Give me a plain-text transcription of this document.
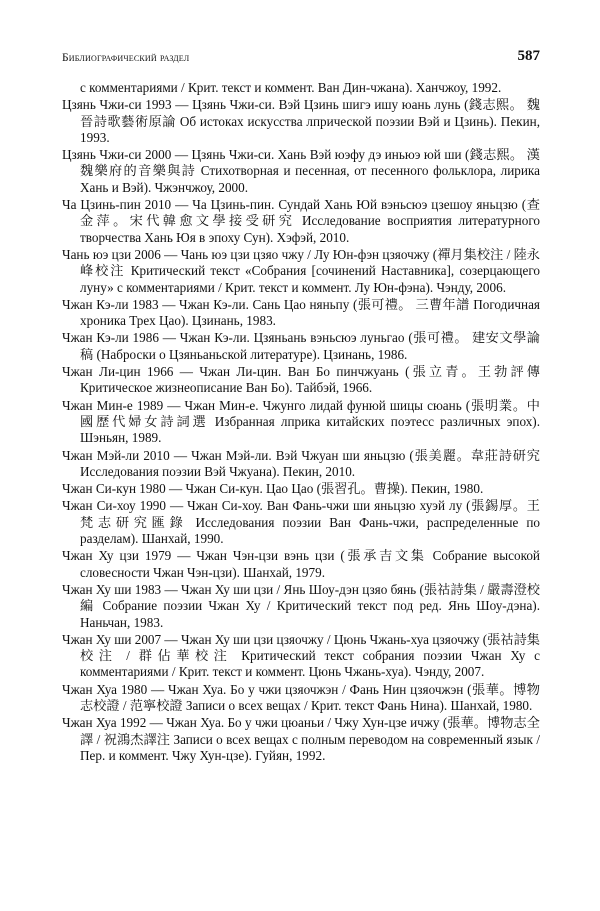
Библиографический раздел	587

с комментариями / Крит. текст и коммент. Ван Дин-чжана). Ханчжоу, 1992.

Цзянь Чжи-си 1993 — Цзянь Чжи-си. Вэй Цзинь шигэ ишу юань лунь (錢志熙。 魏晉詩歌藝術原論 Об истоках искусства лпрической поэзии Вэй и Цзинь). Пекин, 1993.

Цзянь Чжи-си 2000 — Цзянь Чжи-си. Хань Вэй юэфу дэ иньюэ юй ши (錢志熙。 漢魏樂府的音樂與詩 Стихотворная и песенная, от песенного фольклора, лирика Хань и Вэй). Чжэнчжоу, 2000.

Ча Цзинь-пин 2010 — Ча Цзинь-пин. Сундай Хань Юй вэньсюэ цзешоу яньцзю (查金萍。宋代韓愈文學接受研究 Исследование восприятия литературного творчества Хань Юя в эпоху Сун). Хэфэй, 2010.

Чань юэ цзи 2006 — Чань юэ цзи цзяо чжу / Лу Юн-фэн цзяочжу (禪月集校注 / 陸永峰校注 Критический текст «Собрания [сочинений Наставника], созерцающего луну» с комментариями / Крит. текст и коммент. Лу Юн-фэна). Чэнду, 2006.

Чжан Кэ-ли 1983 — Чжан Кэ-ли. Сань Цао няньпу (張可禮。 三曹年譜 Погодичная хроника Трех Цао). Цзинань, 1983.

Чжан Кэ-ли 1986 — Чжан Кэ-ли. Цзяньань вэньсюэ луньгао (張可禮。 建安文學論稿 (Наброски о Цзяньаньской литературе). Цзинань, 1986.

Чжан Ли-цин 1966 — Чжан Ли-цин. Ван Бо пинчжуань (張立青。王勃評傳 Критическое жизнеописание Ван Бо). Тайбэй, 1966.

Чжан Мин-е 1989 — Чжан Мин-е. Чжунго лидай фунюй шицы сюань (張明業。中國歷代婦女詩詞選 Избранная лприка китайских поэтесс различных эпох). Шэньян, 1989.

Чжан Мэй-ли 2010 — Чжан Мэй-ли. Вэй Чжуан ши яньцзю (張美麗。韋莊詩研究 Исследования поэзии Вэй Чжуана). Пекин, 2010.

Чжан Си-кун 1980 — Чжан Си-кун. Цао Цао (張習孔。曹操). Пекин, 1980.

Чжан Си-хоу 1990 — Чжан Си-хоу. Ван Фань-чжи ши яньцзю хуэй лу (張錫厚。王梵志研究匯錄 Исследования поэзии Ван Фань-чжи, распределенные по разделам). Шанхай, 1990.

Чжан Ху цзи 1979 — Чжан Чэн-цзи вэнь цзи (張承吉文集 Собрание высокой словесности Чжан Чэн-цзи). Шанхай, 1979.

Чжан Ху ши 1983 — Чжан Ху ши цзи / Янь Шоу-дэн цзяо бянь (張祜詩集 / 嚴壽澄校編 Собрание поэзии Чжан Ху / Критический текст под ред. Янь Шоу-дэна). Наньчан, 1983.

Чжан Ху ши 2007 — Чжан Ху ши цзи цзяочжу / Цюнь Чжань-хуа цзяочжу (張祜詩集校注 / 群佔華校注 Критический текст собрания поэзии Чжан Ху с комментариями / Крит. текст и коммент. Цюнь Чжань-хуа). Чэнду, 2007.

Чжан Хуа 1980 — Чжан Хуа. Бо у чжи цзяочжэн / Фань Нин цзяочжэн (張華。博物志校證 / 范寧校證 Записи о всех вещах / Крит. текст Фань Нина). Шанхай, 1980.

Чжан Хуа 1992 — Чжан Хуа. Бо у чжи цюаньи / Чжу Хун-цзе ичжу (張華。博物志全譯 / 祝鴻杰譯注 Записи о всех вещах с полным переводом на современный язык / Пер. и коммент. Чжу Хун-цзе). Гуйян, 1992.
